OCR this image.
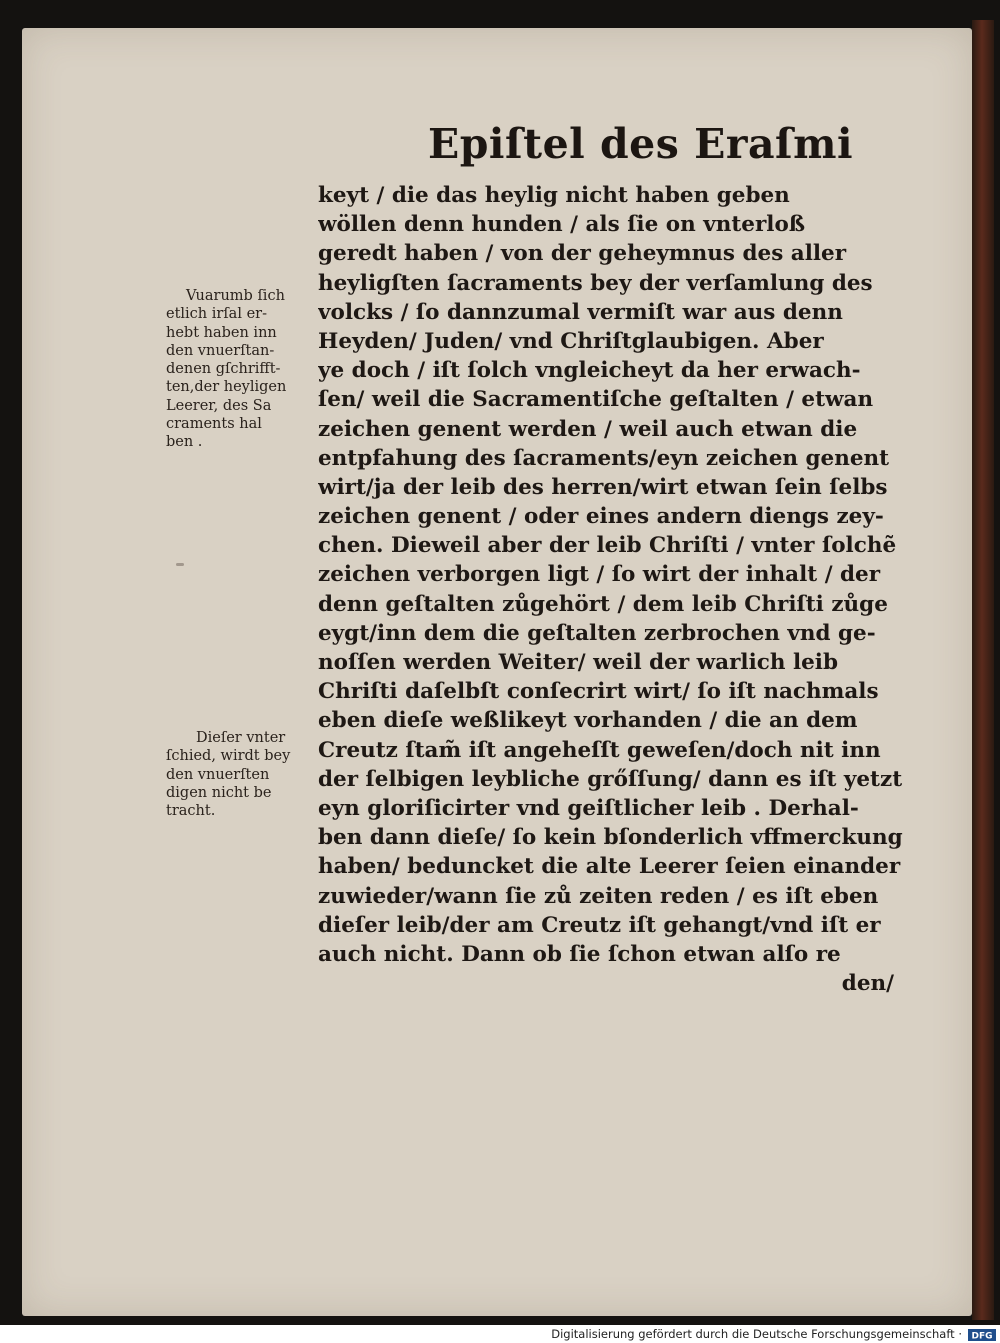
Epiſtel des Eraſmi
Vuarumb ſich
etlich irſal er-
hebt haben inn
den vnuerſtan-
denen gſchrifft-
ten,der heyligen
Leerer, des Sa
craments hal
ben .
Dieſer vnter
ſchied, wirdt bey
den vnuerſten
digen nicht be
tracht.
keyt / die das heylig nicht haben geben
wöllen denn hunden / als ſie on vnterloß
geredt haben / von der geheymnus des aller
heyligſten ſacraments bey der verſamlung des
volcks / ſo dannzumal vermiſt war aus denn
Heyden/ Juden/ vnd Chriſtglaubigen. Aber
ye doch / iſt ſolch vngleicheyt da her erwach-
ſen/ weil die Sacramentiſche geſtalten / etwan
zeichen genent werden / weil auch etwan die
entpfahung des ſacraments/eyn zeichen genent
wirt/ja der leib des herren/wirt etwan ſein ſelbs
zeichen genent / oder eines andern diengs zey-
chen. Dieweil aber der leib Chriſti / vnter ſolchẽ
zeichen verborgen ligt / ſo wirt der inhalt / der
denn geſtalten zůgehört / dem leib Chriſti zůge
eygt/inn dem die geſtalten zerbrochen vnd ge-
noſſen werden Weiter/ weil der warlich leib
Chriſti daſelbſt conſecrirt wirt/ ſo iſt nachmals
eben dieſe weßlikeyt vorhanden / die an dem
Creutz ſtam̃ iſt angeheſſt geweſen/doch nit inn
der ſelbigen leybliche grőſſung/ dann es iſt yetzt
eyn gloriſicirter vnd geiſtlicher leib . Derhal-
ben dann dieſe/ ſo kein bſonderlich vffmerckung
haben/ beduncket die alte Leerer ſeien einander
zuwieder/wann ſie zů zeiten reden / es iſt eben
dieſer leib/der am Creutz iſt gehangt/vnd iſt er
auch nicht. Dann ob ſie ſchon etwan alſo re
den/
Digitalisierung gefördert durch die Deutsche Forschungsgemeinschaft · DFG
